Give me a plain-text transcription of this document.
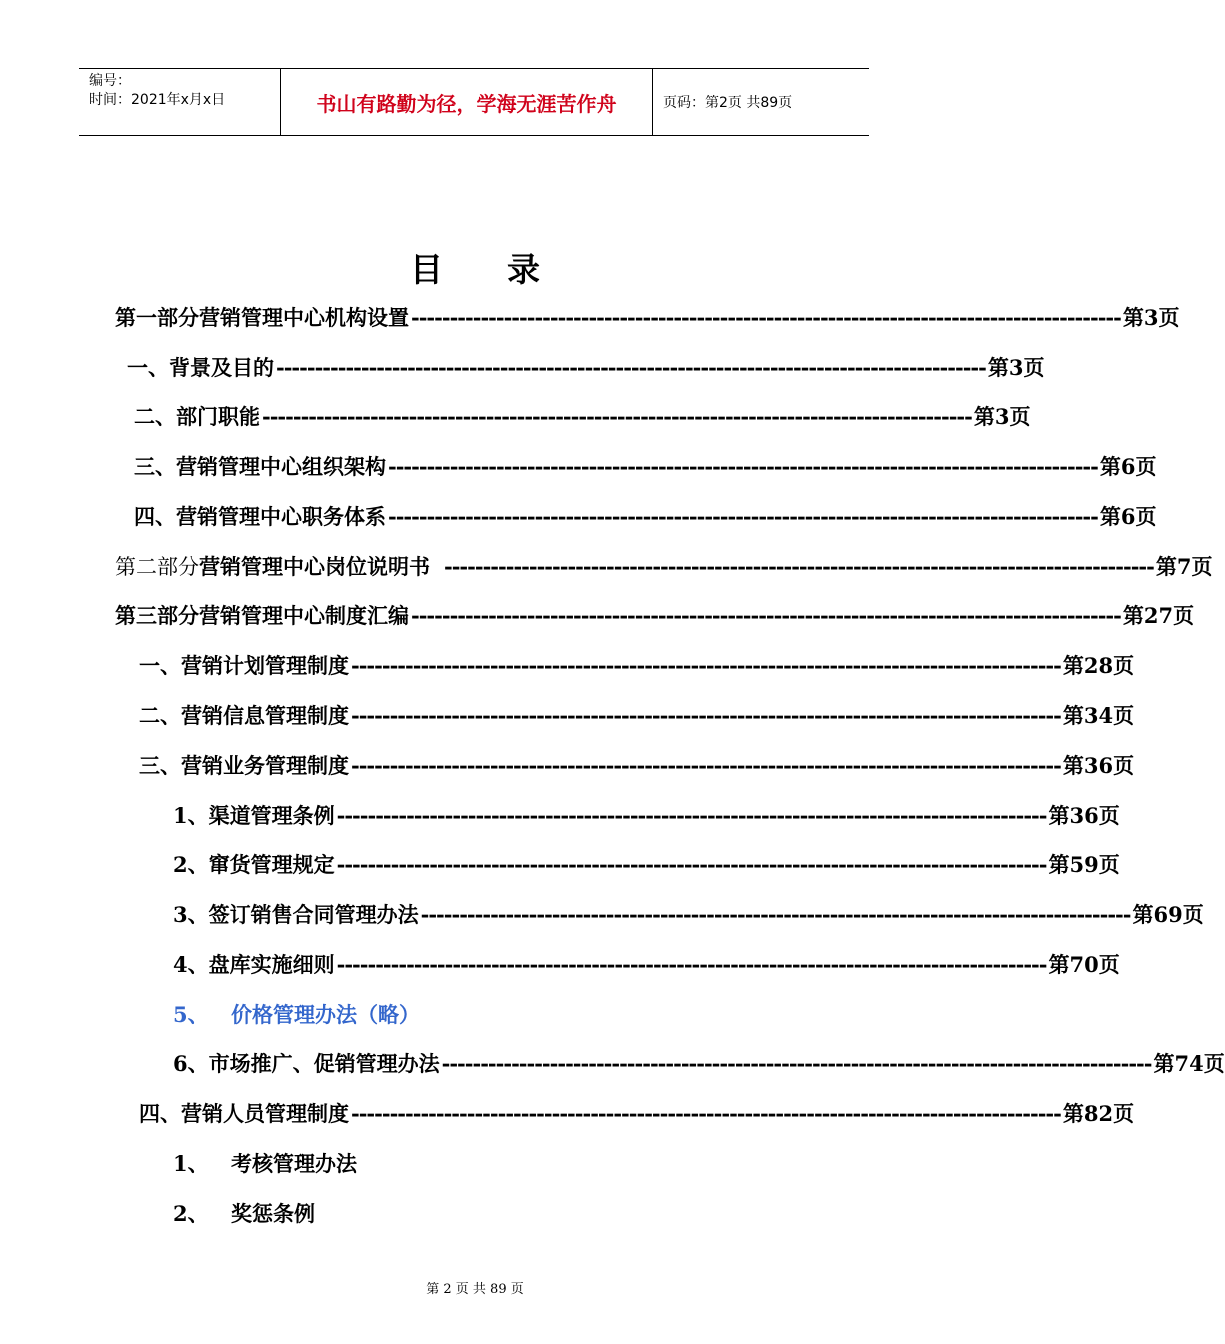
编号：
时间：2021年x月x日	书山有路勤为径，学海无涯苦作舟	页码：第2页 共89页
目 录
第一部分 营销管理中心机构设置 -------------------------------------------------------------------------------------------- 第3页
一、 背景及目的 -------------------------------------------------------------------------------------------- 第3页
二、 部门职能 -------------------------------------------------------------------------------------------- 第3页
三、 营销管理中心组织架构 -------------------------------------------------------------------------------------------- 第6页
四、 营销管理中心职务体系 -------------------------------------------------------------------------------------------- 第6页
第二部分 营销管理中心岗位说明书 -------------------------------------------------------------------------------------------- 第7页
第三部分 营销管理中心制度汇编 -------------------------------------------------------------------------------------------- 第27页
一、 营销计划管理制度 -------------------------------------------------------------------------------------------- 第28页
二、 营销信息管理制度 -------------------------------------------------------------------------------------------- 第34页
三、 营销业务管理制度 -------------------------------------------------------------------------------------------- 第36页
1、 渠道管理条例 -------------------------------------------------------------------------------------------- 第36页
2、 窜货管理规定 -------------------------------------------------------------------------------------------- 第59页
3、 签订销售合同管理办法 -------------------------------------------------------------------------------------------- 第69页
4、 盘库实施细则 -------------------------------------------------------------------------------------------- 第70页
5、	价格管理办法（略）
6、 市场推广、促销管理办法 -------------------------------------------------------------------------------------------- 第74页
四、 营销人员管理制度 -------------------------------------------------------------------------------------------- 第82页
1、	考核管理办法
2、	奖惩条例
第 2 页 共 89 页
